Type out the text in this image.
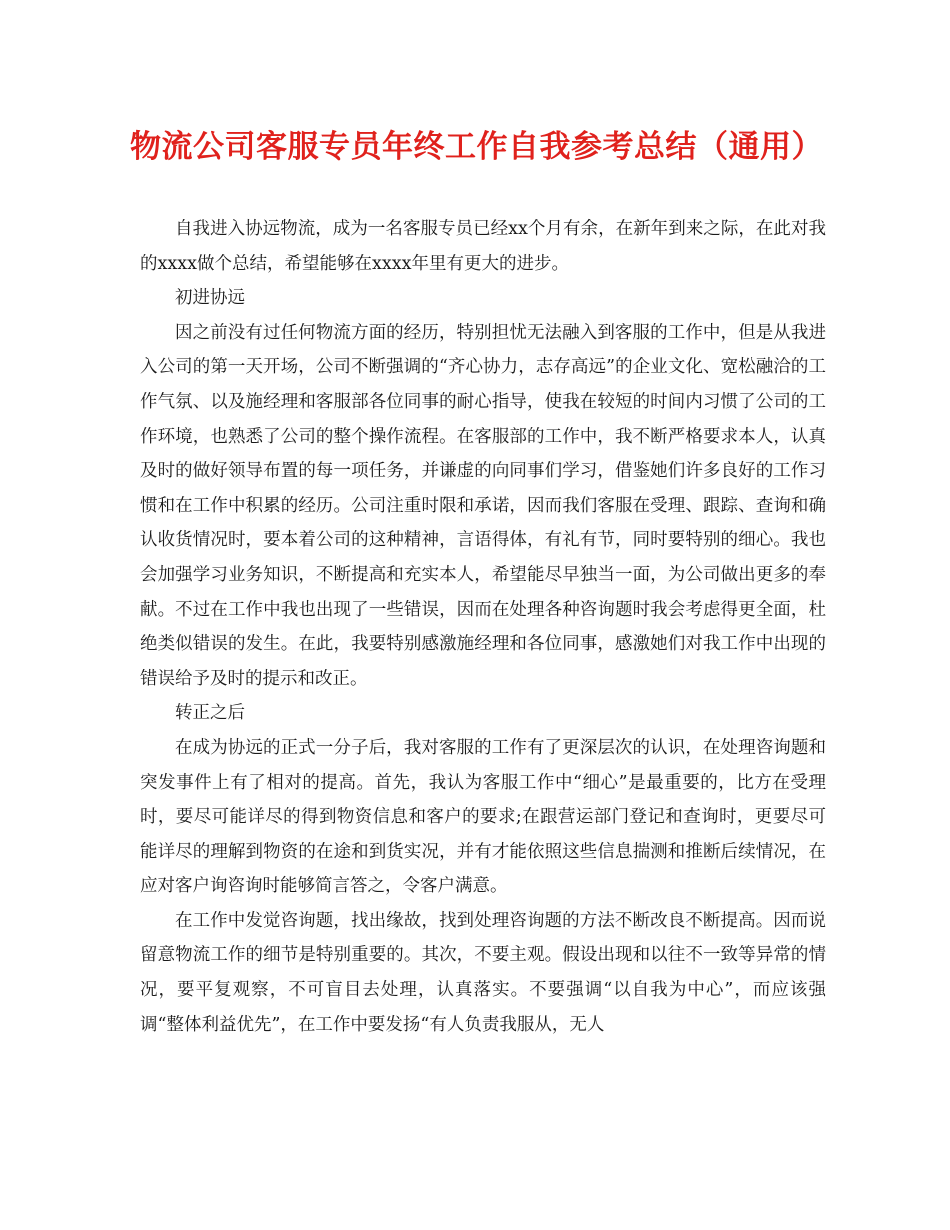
物流公司客服专员年终工作自我参考总结（通用）

自我进入协远物流，成为一名客服专员已经xx个月有余，在新年到来之际，在此对我的xxxx做个总结，希望能够在xxxx年里有更大的进步。

初进协远

因之前没有过任何物流方面的经历，特别担忧无法融入到客服的工作中，但是从我进入公司的第一天开场，公司不断强调的“齐心协力，志存高远”的企业文化、宽松融洽的工作气氛、以及施经理和客服部各位同事的耐心指导，使我在较短的时间内习惯了公司的工作环境，也熟悉了公司的整个操作流程。在客服部的工作中，我不断严格要求本人，认真及时的做好领导布置的每一项任务，并谦虚的向同事们学习，借鉴她们许多良好的工作习惯和在工作中积累的经历。公司注重时限和承诺，因而我们客服在受理、跟踪、查询和确认收货情况时，要本着公司的这种精神，言语得体，有礼有节，同时要特别的细心。我也会加强学习业务知识，不断提高和充实本人，希望能尽早独当一面，为公司做出更多的奉献。不过在工作中我也出现了一些错误，因而在处理各种咨询题时我会考虑得更全面，杜绝类似错误的发生。在此，我要特别感激施经理和各位同事，感激她们对我工作中出现的错误给予及时的提示和改正。

转正之后

在成为协远的正式一分子后，我对客服的工作有了更深层次的认识，在处理咨询题和突发事件上有了相对的提高。首先，我认为客服工作中“细心”是最重要的，比方在受理时，要尽可能详尽的得到物资信息和客户的要求;在跟营运部门登记和查询时，更要尽可能详尽的理解到物资的在途和到货实况，并有才能依照这些信息揣测和推断后续情况，在应对客户询咨询时能够简言答之，令客户满意。

在工作中发觉咨询题，找出缘故，找到处理咨询题的方法不断改良不断提高。因而说留意物流工作的细节是特别重要的。其次，不要主观。假设出现和以往不一致等异常的情况，要平复观察，不可盲目去处理，认真落实。不要强调“以自我为中心”，而应该强调“整体利益优先”，在工作中要发扬“有人负责我服从，无人
